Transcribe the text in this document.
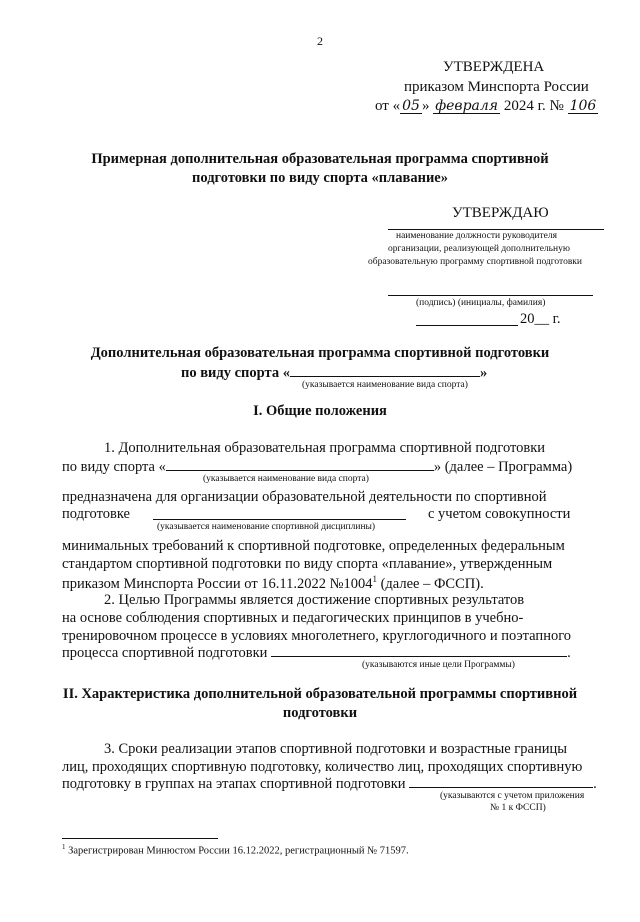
2
УТВЕРЖДЕНА
приказом Минспорта России
от « 05 » февраля 2024 г. № 106
Примерная дополнительная образовательная программа спортивной
подготовки по виду спорта «плавание»
УТВЕРЖДАЮ
наименование должности руководителя
организации, реализующей дополнительную
образовательную программу спортивной подготовки
(подпись) (инициалы, фамилия)
20__ г.
Дополнительная образовательная программа спортивной подготовки
по виду спорта «	»
(указывается наименование вида спорта)
I. Общие положения
1. Дополнительная образовательная программа спортивной подготовки
по виду спорта «	» (далее – Программа)
(указывается наименование вида спорта)
предназначена для организации образовательной деятельности по спортивной
подготовке	с учетом совокупности
(указывается наименование спортивной дисциплины)
минимальных требований к спортивной подготовке, определенных федеральным
стандартом спортивной подготовки по виду спорта «плавание», утвержденным
приказом Минспорта России от 16.11.2022 №1004$^1$ (далее – ФССП).
2. Целью Программы является достижение спортивных результатов
на основе соблюдения спортивных и педагогических принципов в учебно-
тренировочном процессе в условиях многолетнего, круглогодичного и поэтапного
процесса спортивной подготовки	.
(указываются иные цели Программы)
II. Характеристика дополнительной образовательной программы спортивной
подготовки
3. Сроки реализации этапов спортивной подготовки и возрастные границы
лиц, проходящих спортивную подготовку, количество лиц, проходящих спортивную
подготовку в группах на этапах спортивной подготовки	.
(указываются с учетом приложения
№ 1 к ФССП)
$^1$ Зарегистрирован Минюстом России 16.12.2022, регистрационный № 71597.
